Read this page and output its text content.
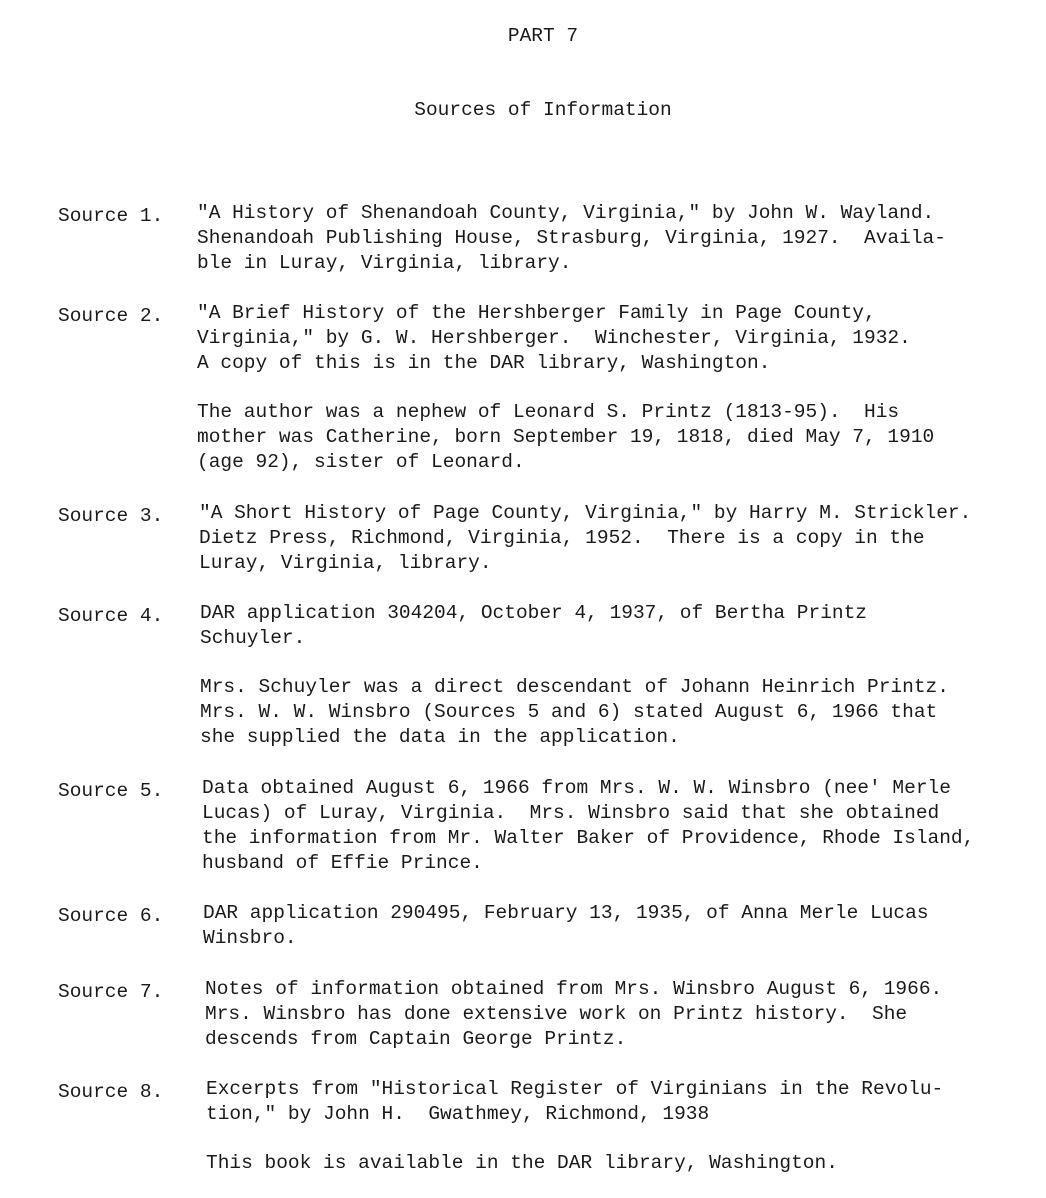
PART 7
Sources of Information
Source 1.	"A History of Shenandoah County, Virginia," by John W. Wayland.
Shenandoah Publishing House, Strasburg, Virginia, 1927.  Availa-
ble in Luray, Virginia, library.
Source 2.	"A Brief History of the Hershberger Family in Page County,
Virginia," by G. W. Hershberger.  Winchester, Virginia, 1932.
A copy of this is in the DAR library, Washington.
The author was a nephew of Leonard S. Printz (1813-95).  His
mother was Catherine, born September 19, 1818, died May 7, 1910
(age 92), sister of Leonard.
Source 3.	"A Short History of Page County, Virginia," by Harry M. Strickler.
Dietz Press, Richmond, Virginia, 1952.  There is a copy in the
Luray, Virginia, library.
Source 4.	DAR application 304204, October 4, 1937, of Bertha Printz
Schuyler.
Mrs. Schuyler was a direct descendant of Johann Heinrich Printz.
Mrs. W. W. Winsbro (Sources 5 and 6) stated August 6, 1966 that
she supplied the data in the application.
Source 5.	Data obtained August 6, 1966 from Mrs. W. W. Winsbro (nee' Merle
Lucas) of Luray, Virginia.  Mrs. Winsbro said that she obtained
the information from Mr. Walter Baker of Providence, Rhode Island,
husband of Effie Prince.
Source 6.	DAR application 290495, February 13, 1935, of Anna Merle Lucas
Winsbro.
Source 7.	Notes of information obtained from Mrs. Winsbro August 6, 1966.
Mrs. Winsbro has done extensive work on Printz history.  She
descends from Captain George Printz.
Source 8.	Excerpts from "Historical Register of Virginians in the Revolu-
tion," by John H.  Gwathmey, Richmond, 1938
This book is available in the DAR library, Washington.
